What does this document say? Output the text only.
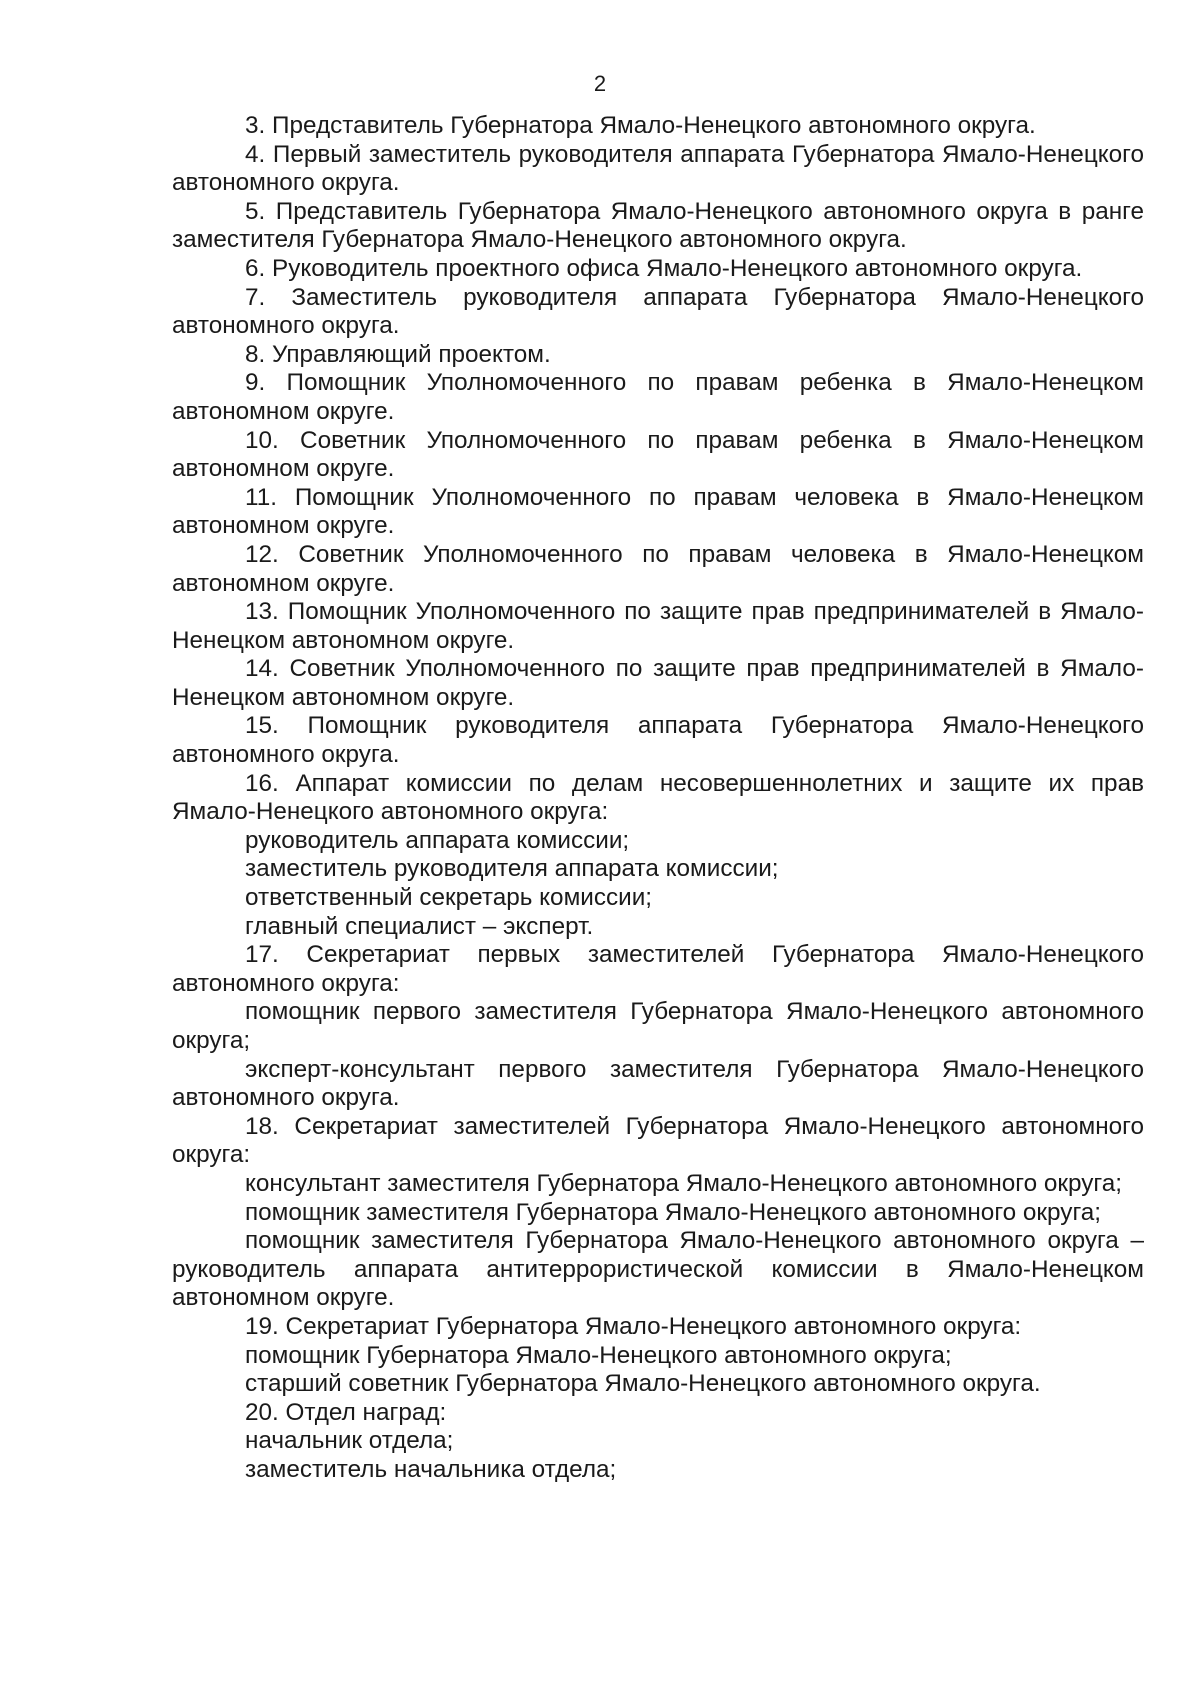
2

3. Представитель Губернатора Ямало-Ненецкого автономного округа.

4. Первый заместитель руководителя аппарата Губернатора Ямало-Ненецкого автономного округа.

5. Представитель Губернатора Ямало-Ненецкого автономного округа в ранге заместителя Губернатора Ямало-Ненецкого автономного округа.

6. Руководитель проектного офиса Ямало-Ненецкого автономного округа.

7. Заместитель руководителя аппарата Губернатора Ямало-Ненецкого автономного округа.

8. Управляющий проектом.

9. Помощник Уполномоченного по правам ребенка в Ямало-Ненецком автономном округе.

10. Советник Уполномоченного по правам ребенка в Ямало-Ненецком автономном округе.

11. Помощник Уполномоченного по правам человека в Ямало-Ненецком автономном округе.

12. Советник Уполномоченного по правам человека в Ямало-Ненецком автономном округе.

13. Помощник Уполномоченного по защите прав предпринимателей в Ямало-Ненецком автономном округе.

14. Советник Уполномоченного по защите прав предпринимателей в Ямало-Ненецком автономном округе.

15. Помощник руководителя аппарата Губернатора Ямало-Ненецкого автономного округа.

16. Аппарат комиссии по делам несовершеннолетних и защите их прав Ямало-Ненецкого автономного округа:

руководитель аппарата комиссии;

заместитель руководителя аппарата комиссии;

ответственный секретарь комиссии;

главный специалист – эксперт.

17. Секретариат первых заместителей Губернатора Ямало-Ненецкого автономного округа:

помощник первого заместителя Губернатора Ямало-Ненецкого автономного округа;

эксперт-консультант первого заместителя Губернатора Ямало-Ненецкого автономного округа.

18. Секретариат заместителей Губернатора Ямало-Ненецкого автономного округа:

консультант заместителя Губернатора Ямало-Ненецкого автономного округа;

помощник заместителя Губернатора Ямало-Ненецкого автономного округа;

помощник заместителя Губернатора Ямало-Ненецкого автономного округа – руководитель аппарата антитеррористической комиссии в Ямало-Ненецком автономном округе.

19. Секретариат Губернатора Ямало-Ненецкого автономного округа:

помощник Губернатора Ямало-Ненецкого автономного округа;

старший советник Губернатора Ямало-Ненецкого автономного округа.

20. Отдел наград:

начальник отдела;

заместитель начальника отдела;
